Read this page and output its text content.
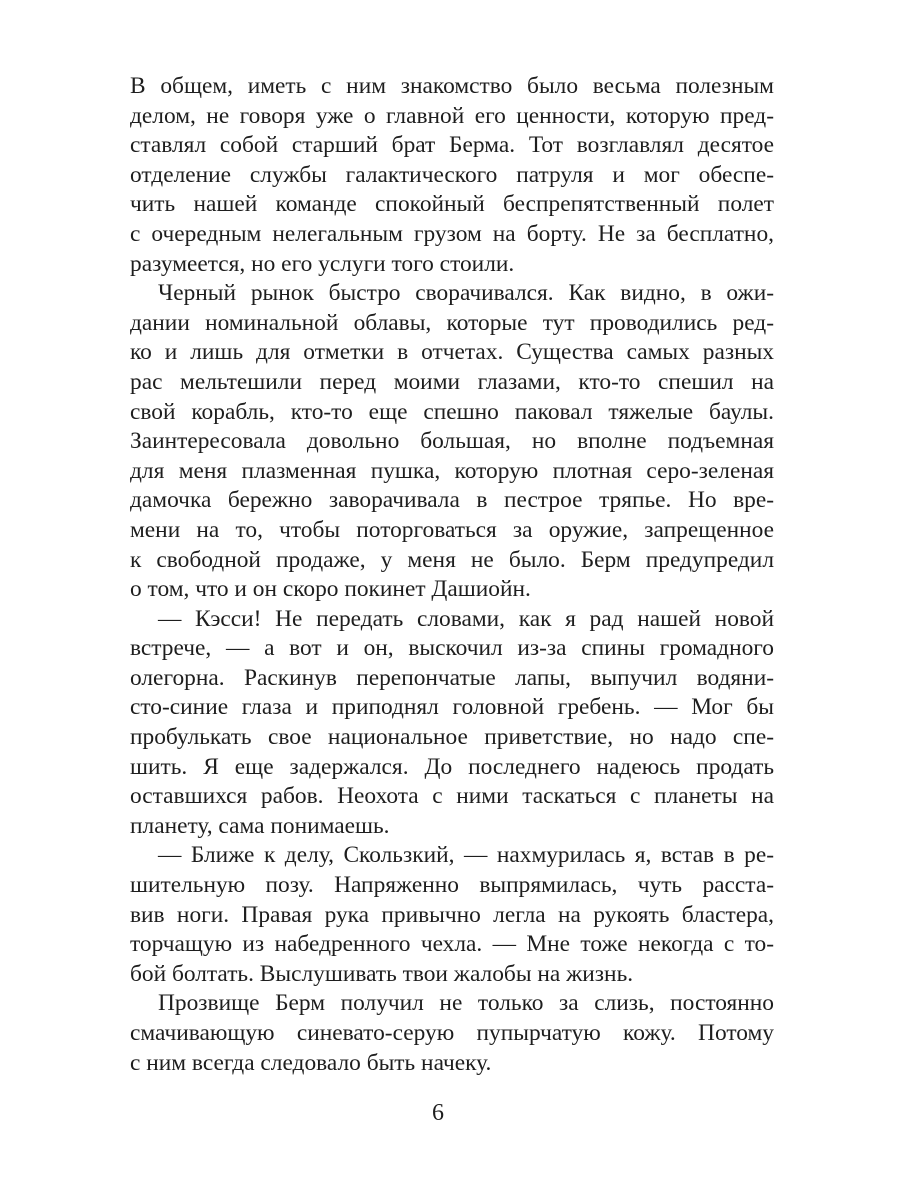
В общем, иметь с ним знакомство было весьма полезным
делом, не говоря уже о главной его ценности, которую пред-
ставлял собой старший брат Берма. Тот возглавлял десятое
отделение службы галактического патруля и мог обеспе-
чить нашей команде спокойный беспрепятственный полет
с очередным нелегальным грузом на борту. Не за бесплатно,
разумеется, но его услуги того стоили.
Черный рынок быстро сворачивался. Как видно, в ожи-
дании номинальной облавы, которые тут проводились ред-
ко и лишь для отметки в отчетах. Существа самых разных
рас мельтешили перед моими глазами, кто-то спешил на
свой корабль, кто-то еще спешно паковал тяжелые баулы.
Заинтересовала довольно большая, но вполне подъемная
для меня плазменная пушка, которую плотная серо-зеленая
дамочка бережно заворачивала в пестрое тряпье. Но вре-
мени на то, чтобы поторговаться за оружие, запрещенное
к свободной продаже, у меня не было. Берм предупредил
о том, что и он скоро покинет Дашиойн.
— Кэсси! Не передать словами, как я рад нашей новой
встрече, — а вот и он, выскочил из-за спины громадного
олегорна. Раскинув перепончатые лапы, выпучил водяни-
сто-синие глаза и приподнял головной гребень. — Мог бы
пробулькать свое национальное приветствие, но надо спе-
шить. Я еще задержался. До последнего надеюсь продать
оставшихся рабов. Неохота с ними таскаться с планеты на
планету, сама понимаешь.
— Ближе к делу, Скользкий, — нахмурилась я, встав в ре-
шительную позу. Напряженно выпрямилась, чуть расста-
вив ноги. Правая рука привычно легла на рукоять бластера,
торчащую из набедренного чехла. — Мне тоже некогда с то-
бой болтать. Выслушивать твои жалобы на жизнь.
Прозвище Берм получил не только за слизь, постоянно
смачивающую синевато-серую пупырчатую кожу. Потому
с ним всегда следовало быть начеку.
6
